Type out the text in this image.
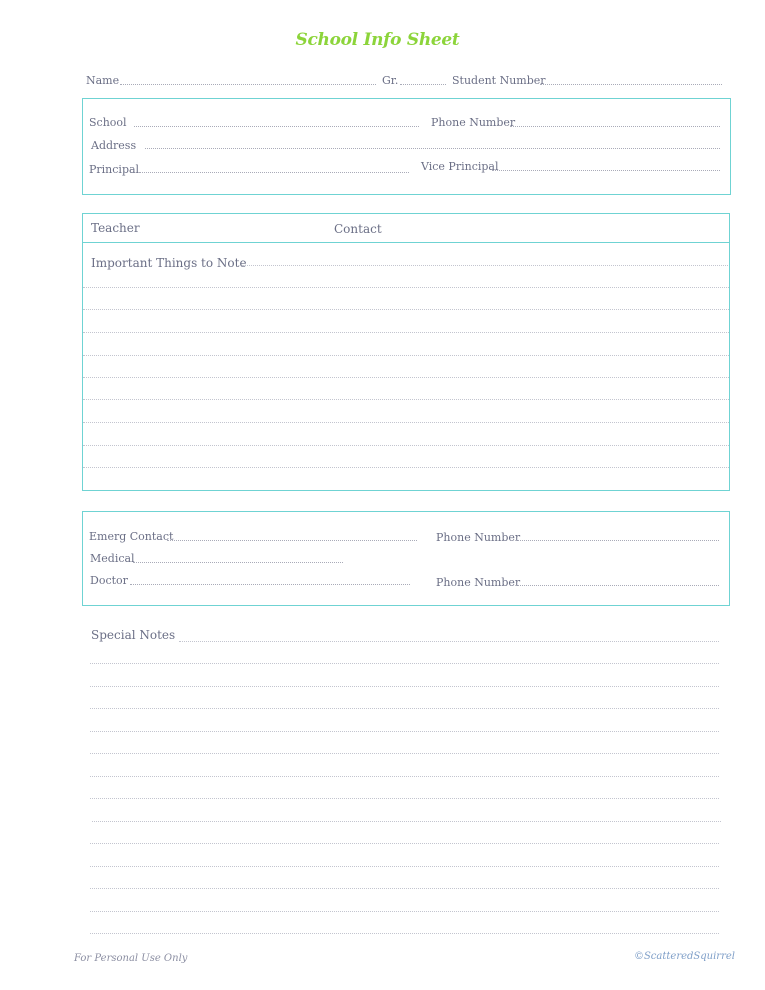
School Info Sheet
Name	Gr.	Student Number
School	Phone Number
Address
Principal	Vice Principal
Teacher	Contact
Important Things to Note
Emerg Contact	Phone Number
Medical
Doctor	Phone Number
Special Notes
For Personal Use Only	©ScatteredSquirrel
